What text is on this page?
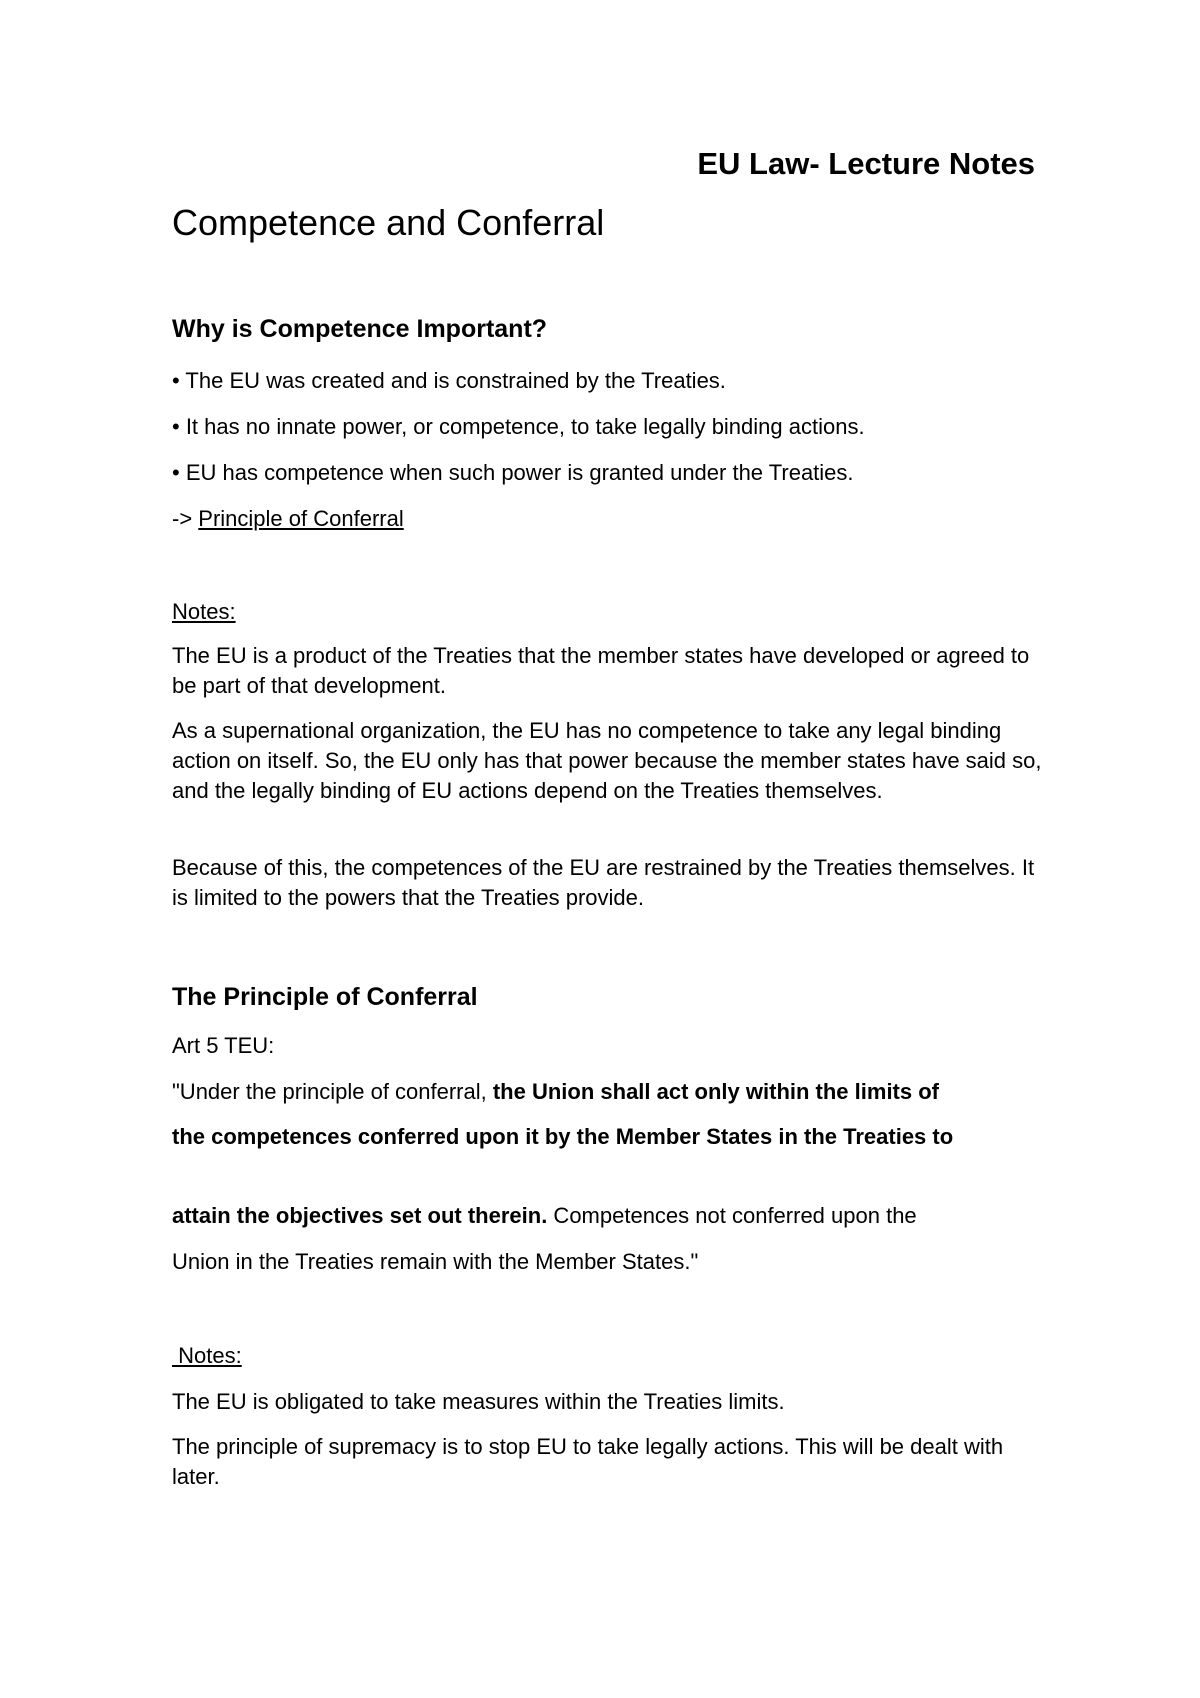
EU Law- Lecture Notes
Competence and Conferral
Why is Competence Important?

• The EU was created and is constrained by the Treaties.

• It has no innate power, or competence, to take legally binding actions.

• EU has competence when such power is granted under the Treaties.

-> Principle of Conferral

Notes:

The EU is a product of the Treaties that the member states have developed or agreed to be part of that development.

As a supernational organization, the EU has no competence to take any legal binding action on itself. So, the EU only has that power because the member states have said so, and the legally binding of EU actions depend on the Treaties themselves.

Because of this, the competences of the EU are restrained by the Treaties themselves. It is limited to the powers that the Treaties provide.

The Principle of Conferral

Art 5 TEU:

"Under the principle of conferral, the Union shall act only within the limits of

the competences conferred upon it by the Member States in the Treaties to

attain the objectives set out therein. Competences not conferred upon the

Union in the Treaties remain with the Member States."

Notes:

The EU is obligated to take measures within the Treaties limits.

The principle of supremacy is to stop EU to take legally actions. This will be dealt with later.
